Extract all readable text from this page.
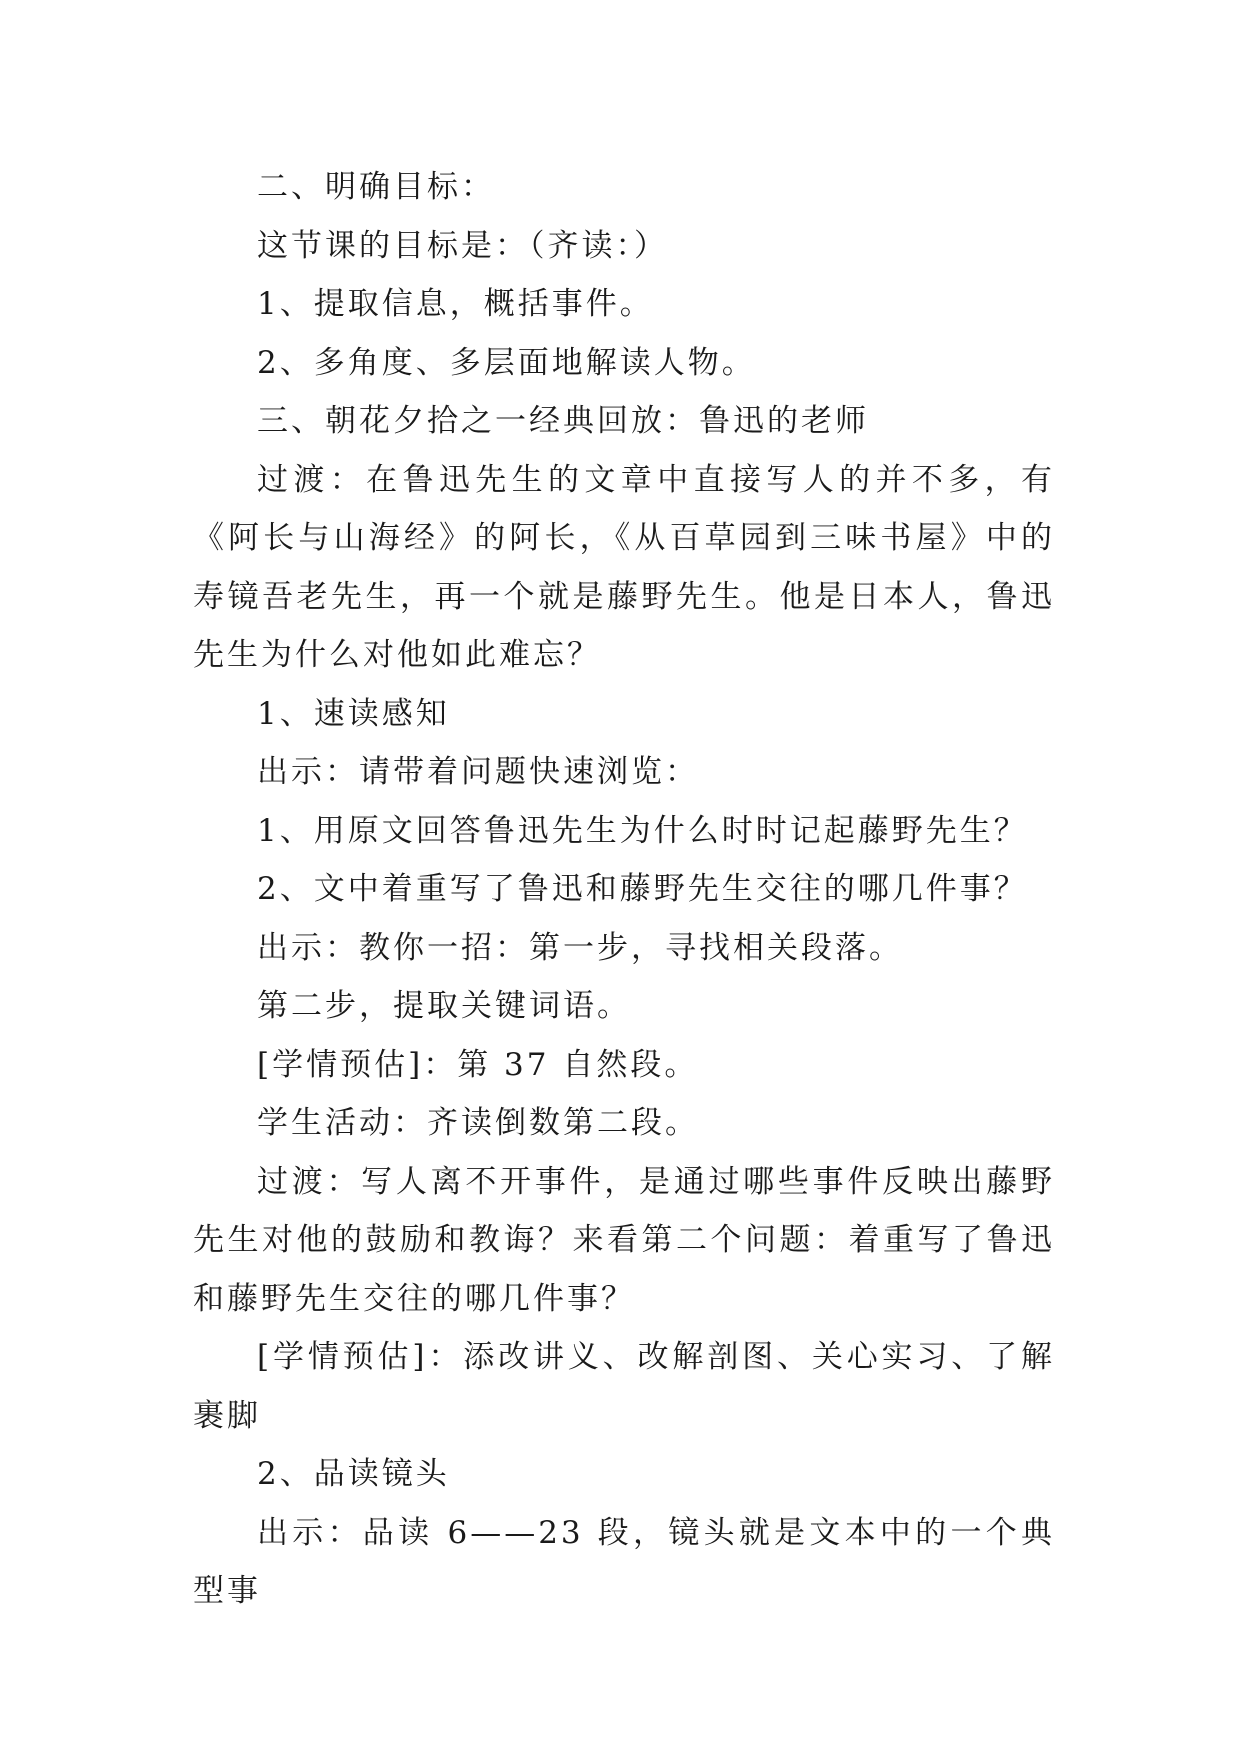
二、明确目标：

这节课的目标是：（齐读：）

1、提取信息，概括事件。

2、多角度、多层面地解读人物。

三、朝花夕拾之一经典回放：鲁迅的老师

过渡：在鲁迅先生的文章中直接写人的并不多，有《阿长与山海经》的阿长，《从百草园到三味书屋》中的寿镜吾老先生，再一个就是藤野先生。他是日本人，鲁迅先生为什么对他如此难忘？

1、速读感知

出示：请带着问题快速浏览：

1、用原文回答鲁迅先生为什么时时记起藤野先生？

2、文中着重写了鲁迅和藤野先生交往的哪几件事？

出示：教你一招：第一步，寻找相关段落。

第二步，提取关键词语。

[学情预估]：第 37 自然段。

学生活动：齐读倒数第二段。

过渡：写人离不开事件，是通过哪些事件反映出藤野先生对他的鼓励和教诲？来看第二个问题：着重写了鲁迅和藤野先生交往的哪几件事？

[学情预估]：添改讲义、改解剖图、关心实习、了解裹脚

2、品读镜头

出示：品读 6——23 段，镜头就是文本中的一个典型事
